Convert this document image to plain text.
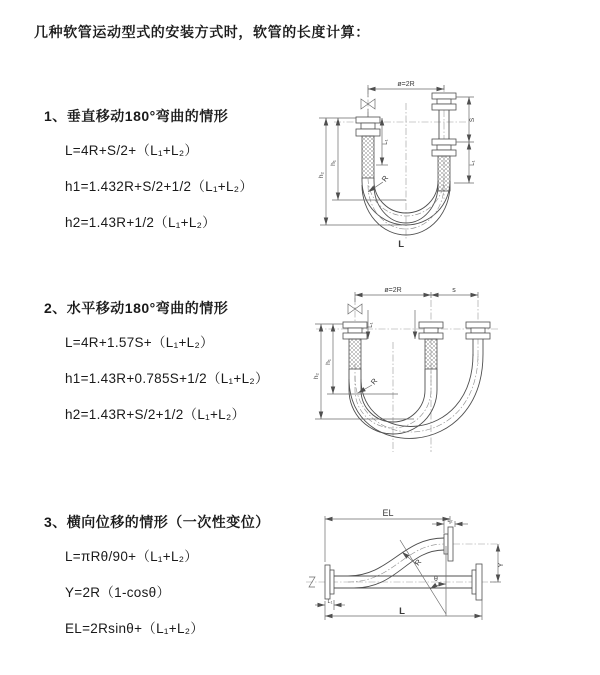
几种软管运动型式的安装方式时，软管的长度计算：
1、垂直移动180°弯曲的情形
L=4R+S/2+（L₁+L₂）
h1=1.432R+S/2+1/2（L₁+L₂）
h2=1.43R+1/2（L₁+L₂）
ø=2R
h₂
h₁
L₁
S
L₁
R
L
2、水平移动180°弯曲的情形
L=4R+1.57S+（L₁+L₂）
h1=1.43R+0.785S+1/2（L₁+L₂）
h2=1.43R+S/2+1/2（L₁+L₂）
ø=2R	s
L₁
h₂
h₁
R
3、横向位移的情形（一次性变位）
L=πRθ/90+（L₁+L₂）
Y=2R（1-cosθ）
EL=2Rsinθ+（L₁+L₂）
θ
R
EL
L₂
Y
L₁
L
